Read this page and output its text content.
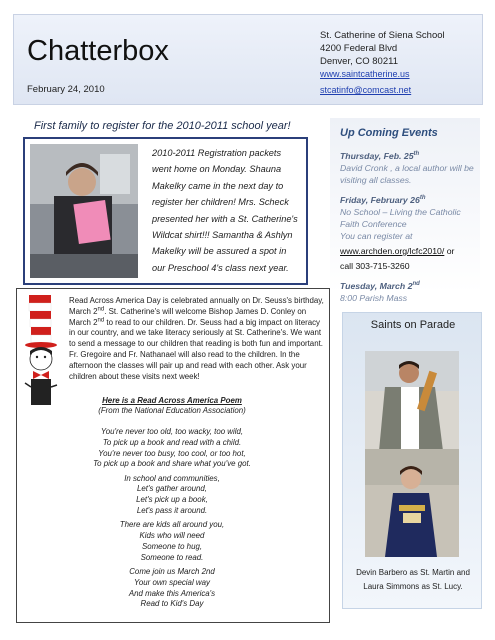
Chatterbox
February 24, 2010
St. Catherine of Siena School
4200 Federal Blvd
Denver, CO 80211
www.saintcatherine.us
stcatinfo@comcast.net
First family to register for the 2010-2011 school year!
2010-2011 Registration packets went home on Monday. Shauna Makelky came in the next day to register her children! Mrs. Scheck presented her with a St. Catherine's Wildcat shirt!!! Samantha & Ashlyn Makelky will be assured a spot in our Preschool 4's class next year.
Up Coming Events
Thursday, Feb. 25th
David Cronk , a local author will be visiting all classes.
Friday, February 26th
No School – Living the Catholic Faith Conference
You can register at
www.archden.org/lcfc2010/ or
call 303-715-3260
Tuesday, March 2nd
8:00 Parish Mass
Read Across America Day is celebrated annually on Dr. Seuss's birthday, March 2nd. St. Catherine's will welcome Bishop James D. Conley on March 2nd to read to our children. Dr. Seuss had a big impact on literacy in our country, and we take literacy seriously at St. Catherine's. We want to send a message to our children that reading is both fun and important. Fr. Gregoire and Fr. Nathanael will also read to the children. In the afternoon the classes will pair up and read with each other. Ask your children about these visits next week!
Here is a Read Across America Poem
(From the National Education Association)
You're never too old, too wacky, too wild,
To pick up a book and read with a child.
You're never too busy, too cool, or too hot,
To pick up a book and share what you've got.
In school and communities,
Let's gather around,
Let's pick up a book,
Let's pass it around.
There are kids all around you,
Kids who will need
Someone to hug,
Someone to read.
Come join us March 2nd
Your own special way
And make this America's
Read to Kid's Day
Saints on Parade
Devin Barbero as St. Martin and
Laura Simmons as St. Lucy.
